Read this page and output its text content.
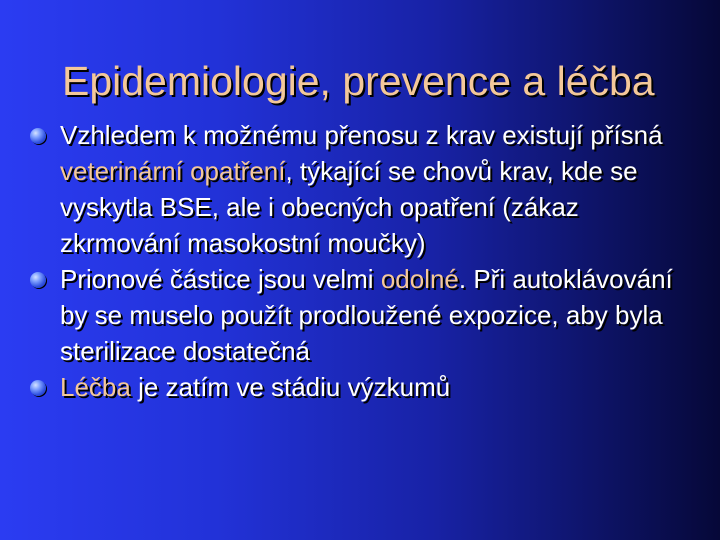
Epidemiologie, prevence a léčba
Vzhledem k možnému přenosu z krav existují přísná veterinární opatření, týkající se chovů krav, kde se vyskytla BSE, ale i obecných opatření (zákaz zkrmování masokostní moučky)
Prionové částice jsou velmi odolné. Při autoklávování by se muselo použít prodloužené expozice, aby byla sterilizace dostatečná
Léčba je zatím ve stádiu výzkumů
